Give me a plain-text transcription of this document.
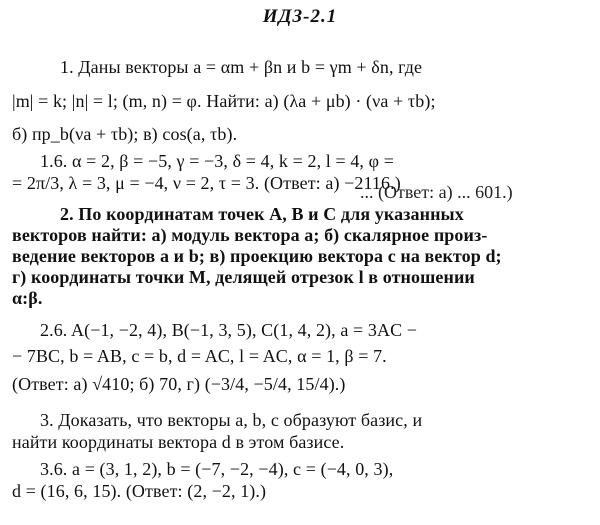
ИДЗ-2.1
1. Даны векторы a = αm + βn и b = γm + δn, где
|m| = k; |n| = l; (m, n) = φ. Найти: а) (λa + μb) · (νa + τb);
б) пр_b(νa + τb); в) cos(a, τb).
1.6. α = 2, β = −5, γ = −3, δ = 4, k = 2, l = 4, φ =
= 2π/3, λ = 3, μ = −4, ν = 2, τ = 3. (Ответ: а) −2116.)
... (Ответ: а) ... 601.)
2. По координатам точек A, B и C для указанных
векторов найти: а) модуль вектора a; б) скалярное произ-
ведение векторов a и b; в) проекцию вектора c на вектор d;
г) координаты точки M, делящей отрезок l в отношении
α:β.
2.6. A(−1, −2, 4), B(−1, 3, 5), C(1, 4, 2), a = 3AC −
− 7BC, b = AB, c = b, d = AC, l = AC, α = 1, β = 7.
(Ответ: а) √410; б) 70, г) (−3/4, −5/4, 15/4).)
3. Доказать, что векторы a, b, c образуют базис, и
найти координаты вектора d в этом базисе.
3.6. a = (3, 1, 2), b = (−7, −2, −4), c = (−4, 0, 3),
d = (16, 6, 15). (Ответ: (2, −2, 1).)
